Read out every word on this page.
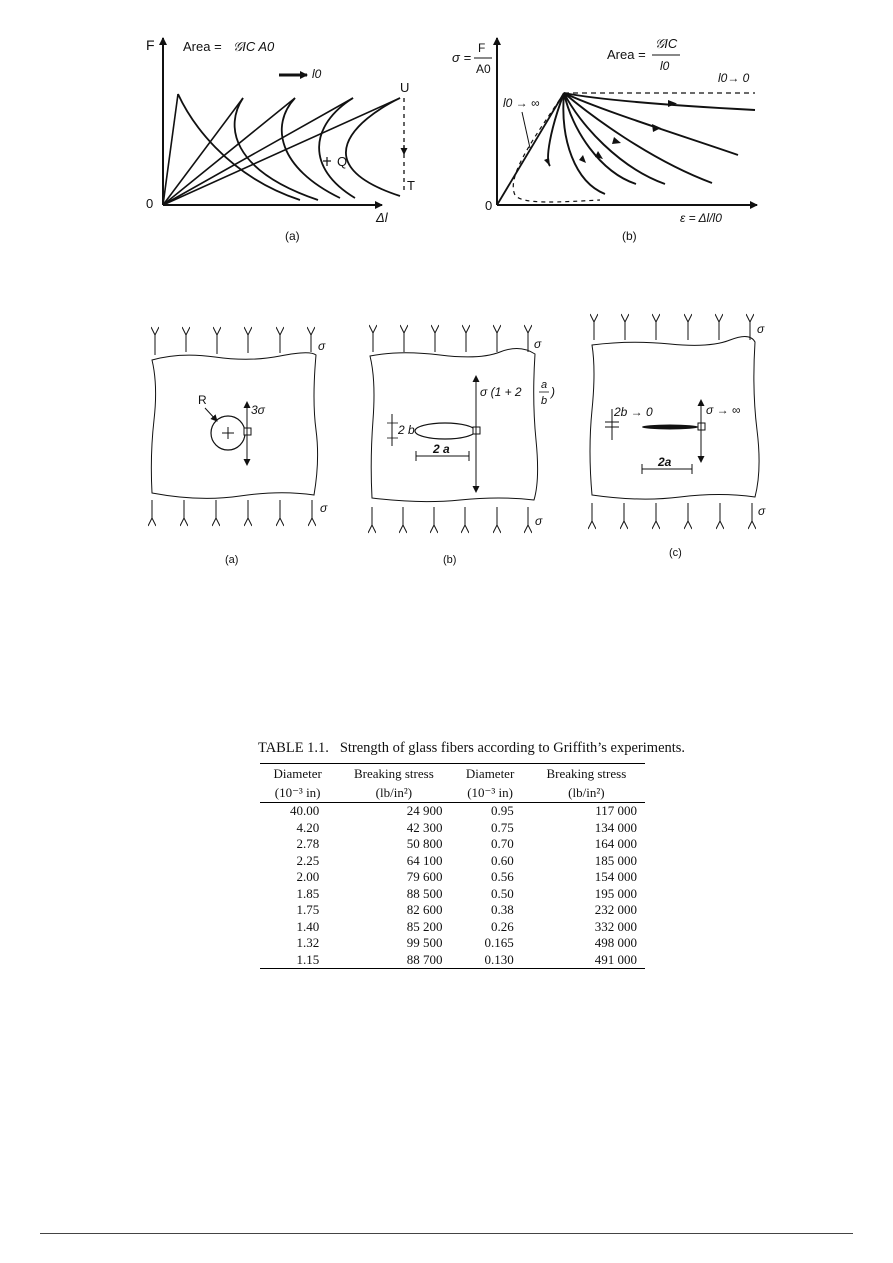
F
0
Δl
Area = 𝒢IC A0
l0
U
Q
T
(a)
σ =
F
A0
0
ε = Δl/l0
Area =
𝒢IC
l0
l0→ 0
l0 → ∞
(b)
σ
σ
3σ
R
(a)
σ
σ
σ (1 + 2 a
b
)
2 b
2 a
(b)
σ
σ
σ → ∞
2b → 0
2a
(c)
TABLE 1.1. Strength of glass fibers according to Griffith’s experiments.
Diameter	Breaking stress	Diameter	Breaking stress
(10⁻³ in)	(lb/in²)	(10⁻³ in)	(lb/in²)
40.00	24 900	0.95	117 000
4.20	42 300	0.75	134 000
2.78	50 800	0.70	164 000
2.25	64 100	0.60	185 000
2.00	79 600	0.56	154 000
1.85	88 500	0.50	195 000
1.75	82 600	0.38	232 000
1.40	85 200	0.26	332 000
1.32	99 500	0.165	498 000
1.15	88 700	0.130	491 000
